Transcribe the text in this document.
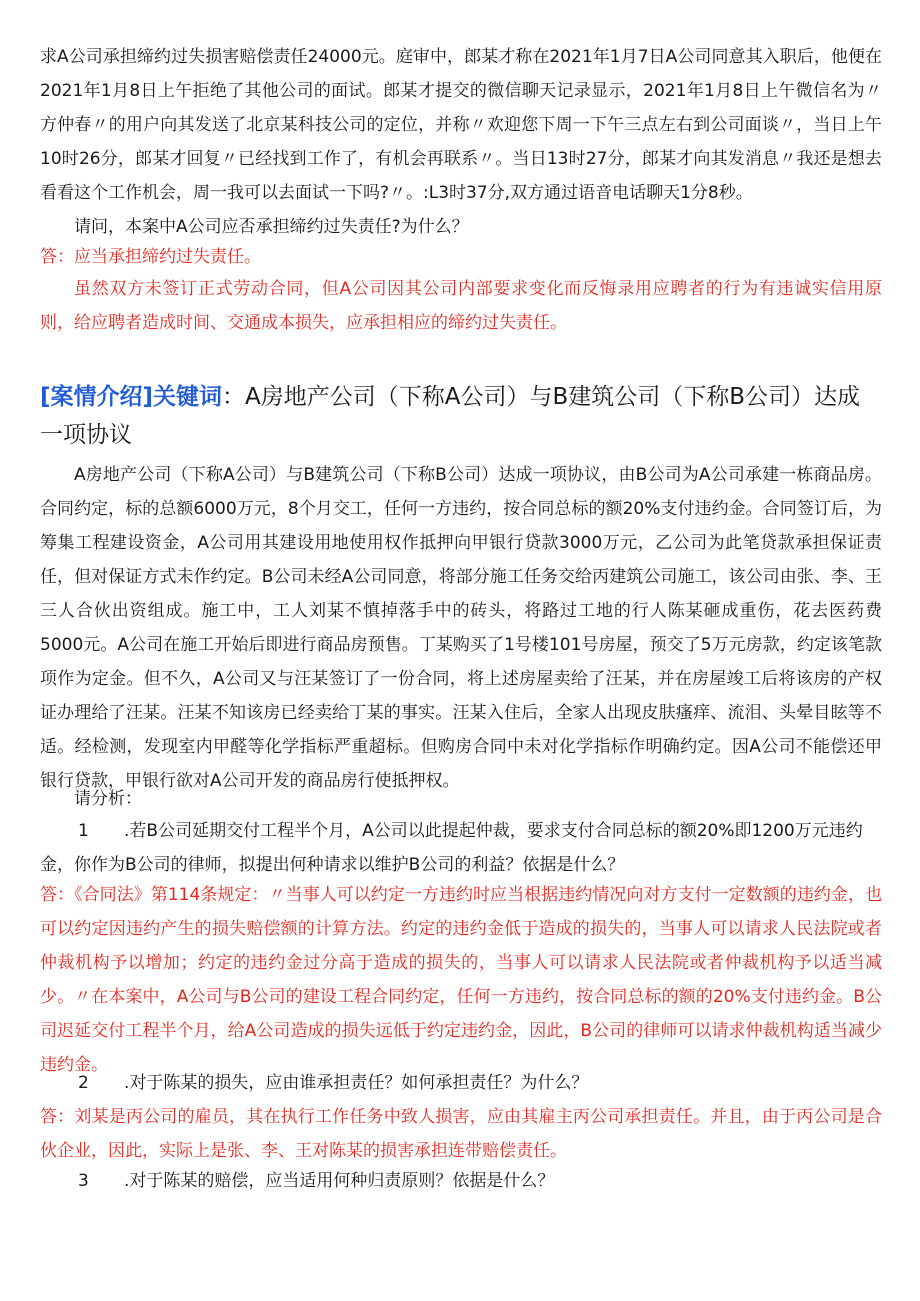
求A公司承担缔约过失损害赔偿责任24000元。庭审中，郎某才称在2021年1月7日A公司同意其入职后，他便在2021年1月8日上午拒绝了其他公司的面试。郎某才提交的微信聊天记录显示，2021年1月8日上午微信名为〃方仲春〃的用户向其发送了北京某科技公司的定位，并称〃欢迎您下周一下午三点左右到公司面谈〃，当日上午10时26分，郎某才回复〃已经找到工作了，有机会再联系〃。当日13时27分，郎某才向其发消息〃我还是想去看看这个工作机会，周一我可以去面试一下吗?〃。:L3时37分,双方通过语音电话聊天1分8秒。

请问，本案中A公司应否承担缔约过失责任?为什么？

答：应当承担缔约过失责任。

虽然双方未签订正式劳动合同，但A公司因其公司内部要求变化而反悔录用应聘者的行为有违诚实信用原则，给应聘者造成时间、交通成本损失，应承担相应的缔约过失责任。

[案情介绍]关键词：A房地产公司（下称A公司）与B建筑公司（下称B公司）达成一项协议

A房地产公司（下称A公司）与B建筑公司（下称B公司）达成一项协议，由B公司为A公司承建一栋商品房。合同约定，标的总额6000万元，8个月交工，任何一方违约，按合同总标的额20%支付违约金。合同签订后，为筹集工程建设资金，A公司用其建设用地使用权作抵押向甲银行贷款3000万元，乙公司为此笔贷款承担保证责任，但对保证方式未作约定。B公司未经A公司同意，将部分施工任务交给丙建筑公司施工，该公司由张、李、王三人合伙出资组成。施工中，工人刘某不慎掉落手中的砖头，将路过工地的行人陈某砸成重伤，花去医药费5000元。A公司在施工开始后即进行商品房预售。丁某购买了1号楼101号房屋，预交了5万元房款，约定该笔款项作为定金。但不久，A公司又与汪某签订了一份合同，将上述房屋卖给了汪某，并在房屋竣工后将该房的产权证办理给了汪某。汪某不知该房已经卖给丁某的事实。汪某入住后，全家人出现皮肤瘙痒、流泪、头晕目眩等不适。经检测，发现室内甲醛等化学指标严重超标。但购房合同中未对化学指标作明确约定。因A公司不能偿还甲银行贷款，甲银行欲对A公司开发的商品房行使抵押权。

请分析：

1 .若B公司延期交付工程半个月，A公司以此提起仲裁，要求支付合同总标的额20%即1200万元违约金，你作为B公司的律师，拟提出何种请求以维护B公司的利益？依据是什么？

答：《合同法》第114条规定：〃当事人可以约定一方违约时应当根据违约情况向对方支付一定数额的违约金，也可以约定因违约产生的损失赔偿额的计算方法。约定的违约金低于造成的损失的，当事人可以请求人民法院或者仲裁机构予以增加；约定的违约金过分高于造成的损失的，当事人可以请求人民法院或者仲裁机构予以适当减少。〃在本案中，A公司与B公司的建设工程合同约定，任何一方违约，按合同总标的额的20%支付违约金。B公司迟延交付工程半个月，给A公司造成的损失远低于约定违约金，因此，B公司的律师可以请求仲裁机构适当减少违约金。

2 .对于陈某的损失，应由谁承担责任？如何承担责任？为什么？

答：刘某是丙公司的雇员，其在执行工作任务中致人损害，应由其雇主丙公司承担责任。并且，由于丙公司是合伙企业，因此，实际上是张、李、王对陈某的损害承担连带赔偿责任。

3 .对于陈某的赔偿，应当适用何种归责原则？依据是什么？
